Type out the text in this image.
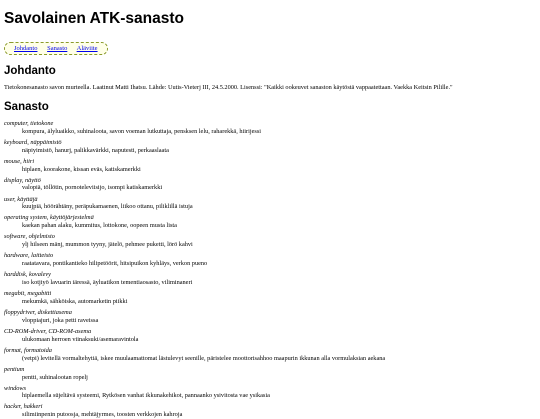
Savolainen ATK-sanasto
Johdanto Sanasto Aläviite
Johdanto

Tietokonesanasto savon murteella. Laatinut Matti Ihatsu. Lähde: Uutis-Vieterj III, 24.5.2000. Lisenssi: "Kaikki ookeuvet sanaston käytöstä vappaatettaan. Vaekka Keitsin Pilille."

Sanasto
computer, tietokone
kompura, älyluaikko, suhinaloota, savon voeman lutkuttaja, pensksen lelu, raharekkä, hiirijessi
keyboard, näppäimistö
näpiyimistö, hanurj, palikkavärkki, naputesti, perkaaslaata
mouse, hiiri
hiplaen, koorakone, kissan eväs, katiskamerkki
display, näyttö
valopiä, töllötin, pornoteleviisijo, isompi katiskamerkki
user, käyttäjä
kuujpiä, höörähtäny, peräpukamaenen, liikoo ottanu, piliklillä istuja
operating system, käyttöjärjestelmä
kaekan pahan alaku, kummitus, lottokone, oopeen musta lista
software, ohjelmisto
ylj hilseen mänj, mummon tyyny, jätelö, pehmee puketti, lörö kahvi
hardware, laitteisto
raatatavara, pontikantieko hilipetöörit, hitsipuikon kyhläys, verkon pueno
harddisk, kovalevy
iso kotjiyö lavuarin iäressä, äyluatikon tementiaosasto, viliminaneri
megabit, megabitti
mekumkä, sähköiska, automarketin piikki
floppydriver, diskettiasema
vloppiajuri, joka petti raveissa
CD-ROM-driver, CD-ROM-asema
ulukomaan herroen viinaksuki/asemaravintola
format, formatoida
(vetpi) levitellä vormaltehytiä, iskee muulaamattomat lästulevyt seenille, päristelee moottorisahhoo maapurin ikkunan alla vormulaksian aekana
pentium
pentti, suhinalootan ropelj
windows
hiplaemella süjeltävä systeemi, Rytkösen vanhat ikkunakehikot, pannaanko ysivitosta vae ysikasia
hacker, hakkeri
silimiinpenin putoosja, mehtäjyrmes, toosten verkkojen kahroja
